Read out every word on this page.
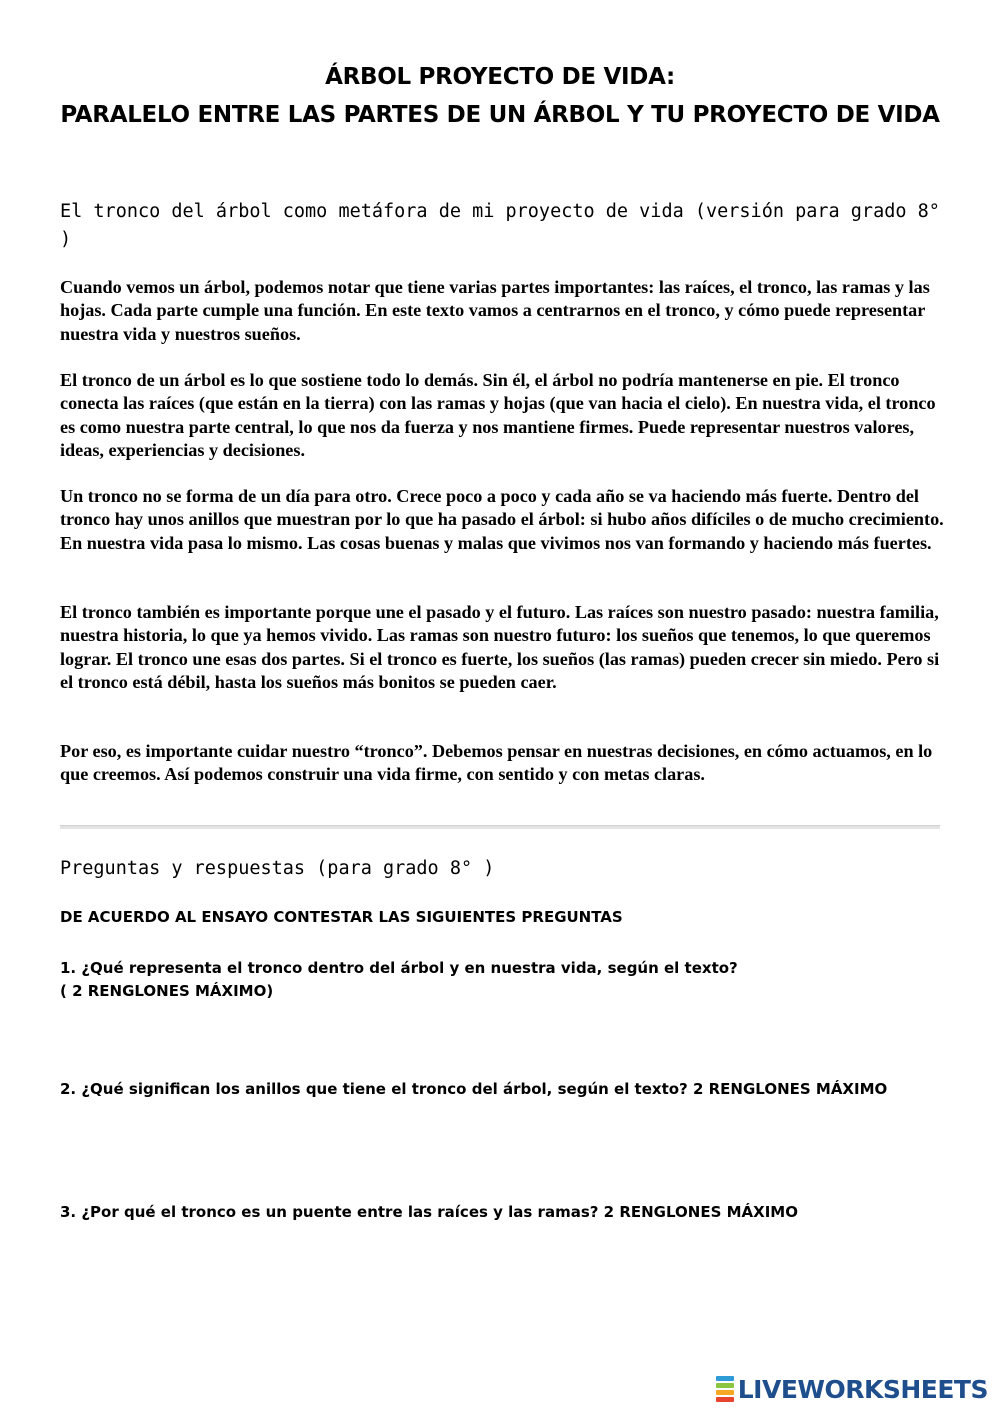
ÁRBOL PROYECTO DE VIDA:
PARALELO ENTRE LAS PARTES DE UN ÁRBOL Y TU PROYECTO DE VIDA

El tronco del árbol como metáfora de mi proyecto de vida (versión para grado 8° )

Cuando vemos un árbol, podemos notar que tiene varias partes importantes: las raíces, el tronco, las ramas y las hojas. Cada parte cumple una función. En este texto vamos a centrarnos en el tronco, y cómo puede representar nuestra vida y nuestros sueños.

El tronco de un árbol es lo que sostiene todo lo demás. Sin él, el árbol no podría mantenerse en pie. El tronco conecta las raíces (que están en la tierra) con las ramas y hojas (que van hacia el cielo). En nuestra vida, el tronco es como nuestra parte central, lo que nos da fuerza y nos mantiene firmes. Puede representar nuestros valores, ideas, experiencias y decisiones.

Un tronco no se forma de un día para otro. Crece poco a poco y cada año se va haciendo más fuerte. Dentro del tronco hay unos anillos que muestran por lo que ha pasado el árbol: si hubo años difíciles o de mucho crecimiento. En nuestra vida pasa lo mismo. Las cosas buenas y malas que vivimos nos van formando y haciendo más fuertes.

El tronco también es importante porque une el pasado y el futuro. Las raíces son nuestro pasado: nuestra familia, nuestra historia, lo que ya hemos vivido. Las ramas son nuestro futuro: los sueños que tenemos, lo que queremos lograr. El tronco une esas dos partes. Si el tronco es fuerte, los sueños (las ramas) pueden crecer sin miedo. Pero si el tronco está débil, hasta los sueños más bonitos se pueden caer.

Por eso, es importante cuidar nuestro “tronco”. Debemos pensar en nuestras decisiones, en cómo actuamos, en lo que creemos. Así podemos construir una vida firme, con sentido y con metas claras.

Preguntas y respuestas (para grado 8° )

DE ACUERDO AL ENSAYO CONTESTAR LAS SIGUIENTES PREGUNTAS

1. ¿Qué representa el tronco dentro del árbol y en nuestra vida, según el texto?

( 2 RENGLONES MÁXIMO)

2. ¿Qué significan los anillos que tiene el tronco del árbol, según el texto? 2 RENGLONES MÁXIMO

3. ¿Por qué el tronco es un puente entre las raíces y las ramas? 2 RENGLONES MÁXIMO

LIVEWORKSHEETS
